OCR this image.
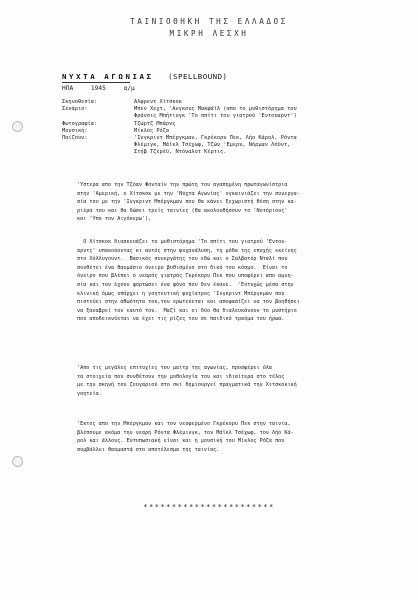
ΤΑΙΝΙΟΘΗΚΗ ΤΗΣ ΕΛΛΑΔΟΣ
ΜΙΚΡΗ ΛΕΣΧΗ
ΝΥΧΤΑ ΑΓΩΝΙΑΣ (SPELLBOUND)
ΗΠΑ	1945	α/μ
Σκηνοθεσία:	Αλφρεντ Χίτσκοκ
Σενάριο:	Μπεν Χεχτ, 'Ανγκους Μακφάϊλ (απο το μυθιστόρημα του
Φράνσις Μπήτινγκ 'Το σπίτι του γιατρού 'Εντουαρντ')
Φωτογραφία:	Τζώρτζ Μπάρνς
Μουσική:	Μίκλος Ρόζα
Παίζουν:	'Ινγκριντ Μπέργκμαν, Γκρέκορυ Πεκ, Λήο Κάρολ, Ρόντα
Φλέμιγκ, Μάϊκλ Τσέχωφ, Τζών 'Εμερυ, Νόρμαν Λόϋντ,
Στήβ Τζερέϋ, Ντόναλντ Κέρτις.
'Υστερα απο την Τζόαν Φονταίν την πρώτη του αγαπημένη πρωταγωνίστρια
στην 'Αμερική, ο Χίτσκοκ με την 'Νύχτα Αγωνίας' εγκαινιάζει την συνεργα-
σία του με την 'Ινγκριντ Μπέργκμαν που θα κάνει ξεχωριστή θέση στην κα-
ριέρα του και θα δώσει τρείς ταινίες (θα ακολουθήσουν το 'Νοτόριους'
και 'Υπο τον Αιγόκερω').
Ο Χίτσκοκ διασκευάζει το μυθιστόρημα 'Το σπίτι του γιατρού 'Εντου-
αρντς' υπακούοντας κι αυτός στην ψυχανάλυση, τη μόδα της εποχής εκείνης
στο Χόλλυγουντ.  Βασικός συνεργάτης του εδώ και ο Σαλβατόρ Νταλί που
συνθέτει ένα θαυμάσιο όνειρο βυθισμένο στο δικό του κόσμο.  Είναι το
όνειρο που βλέπει ο νεαρός γιατρός Γκρέκορυ Πεκ που υποφέρει απο αμνη-
σία και του έχουν φορτώσει ένα φόνο που δεν έκανε.  'Ευτυχώς μέσα στην
κλινική όμως υπάρχει η γοητευτική ψυχίατρος 'Ινγκριντ Μπέργκμαν που
πιστεύει στην αθωότητα του,τον ερωτεύεται και αποφασίζει να τον βοηθήσει
να ξαναβρεί τον εαυτό του.  Μαζί και οι δύο θα διαλευκάνουν το μυστήριο
που αποδεικνύεται να έχει τις ρίζες του σε παιδικό τραύμα του ήρωα.
'Απο τις μεγάλες επιτυχίες του μαίτρ της αγωνίας, προσφέρει όλα
τα στοιχεία που συνθέτουν την μυθολογία του και ιδιαίτερα στο τέλος
με την σκηνή του ζευγαριού στο σκί δημιουργεί πραγματικά την Χιτσκοκική
γοητεία.
'Εκτος απο την Μπέργκμαν και τον νεοφερμένο Γκρέκορυ Πεκ στην ταινία,
βλέπουμε ακόμα την νεαρή Ρόντα Φλέμινγκ, τον Μάϊκλ Τσέχωφ, τον Λήο Κά-
ρολ και άλλους. Εντυπωσιακή είναι και η μουσική του Μίκλος Ρόζα που
συμβάλλει θαυμαστά στο αποτέλεσμα της ταινίας.
***********************
